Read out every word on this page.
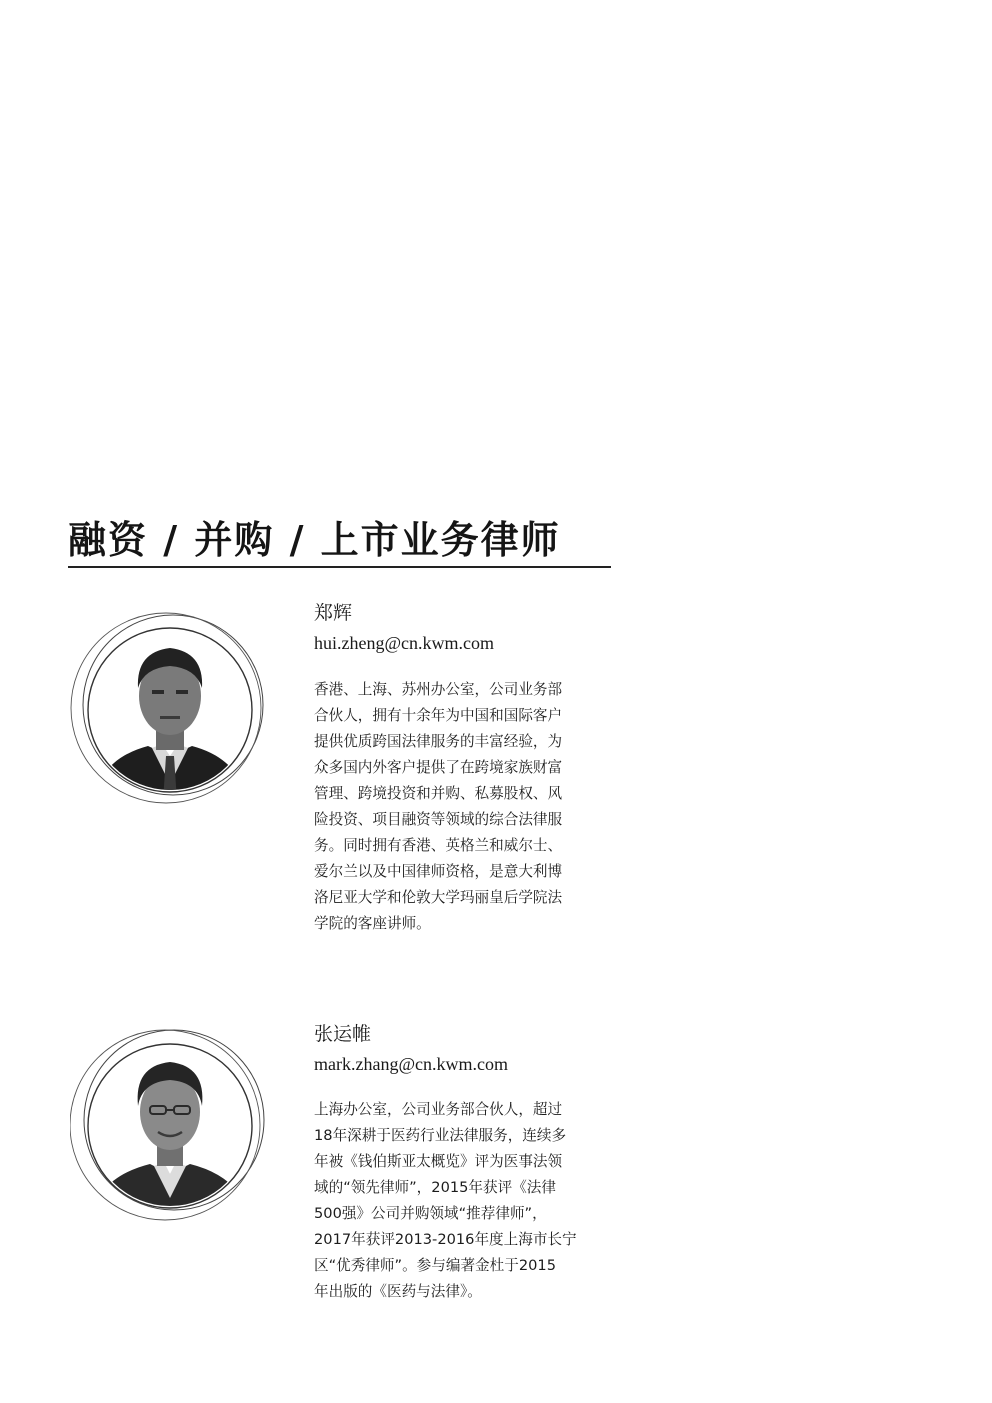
融资 / 并购 / 上市业务律师

郑辉

hui.zheng@cn.kwm.com

香港、上海、苏州办公室，公司业务部
合伙人，拥有十余年为中国和国际客户
提供优质跨国法律服务的丰富经验，为
众多国内外客户提供了在跨境家族财富
管理、跨境投资和并购、私募股权、风
险投资、项目融资等领域的综合法律服
务。同时拥有香港、英格兰和威尔士、
爱尔兰以及中国律师资格，是意大利博
洛尼亚大学和伦敦大学玛丽皇后学院法
学院的客座讲师。

张运帷

mark.zhang@cn.kwm.com

上海办公室，公司业务部合伙人，超过
18年深耕于医药行业法律服务，连续多
年被《钱伯斯亚太概览》评为医事法领
域的“领先律师”，2015年获评《法律
500强》公司并购领域“推荐律师”，
2017年获评2013-2016年度上海市长宁
区“优秀律师”。参与编著金杜于2015
年出版的《医药与法律》。
